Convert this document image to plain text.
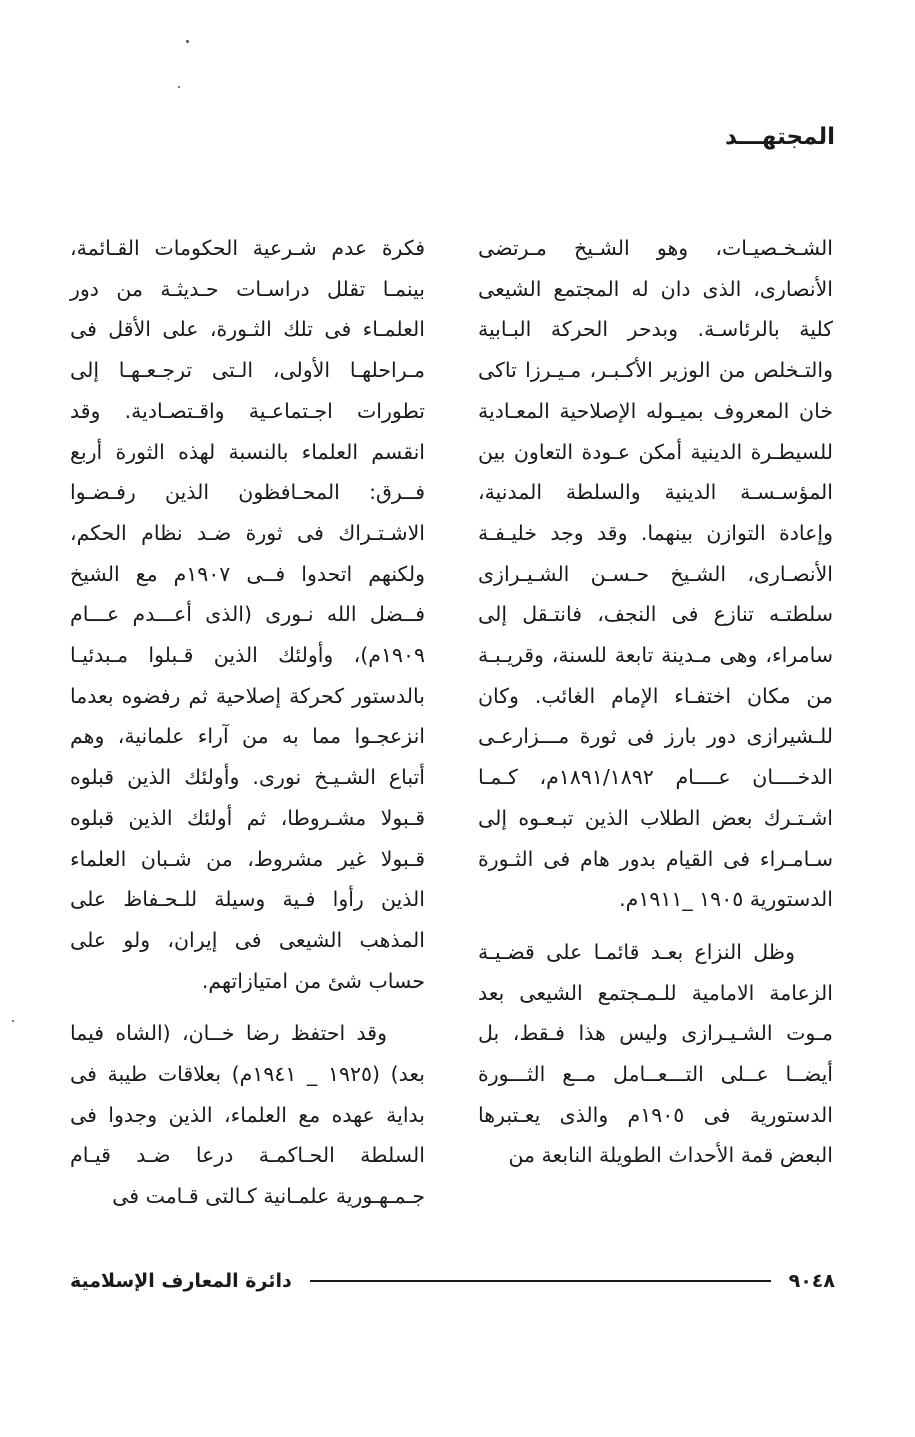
المجتهـــد

الشـخـصيـات، وهو الشـيخ مـرتضى الأنصارى، الذى دان له المجتمع الشيعى كلية بالرئاسـة. وبدحر الحركة البـابية والتـخلص من الوزير الأكـبـر، مـيـرزا تاكى خان المعروف بميـوله الإصلاحية المعـادية للسيطـرة الدينية أمكن عـودة التعاون بين المؤسـسـة الدينية والسلطة المدنية، وإعادة التوازن بينهما. وقد وجد خليـفـة الأنصـارى، الشـيخ حـسـن الشـيـرازى سلطتـه تنازع فى النجف، فانتـقل إلى سامراء، وهى مـدينة تابعة للسنة، وقريـبـة من مكان اختفـاء الإمام الغائب. وكان للـشيرازى دور بارز فى ثورة مـــزارعـى الدخــــان عــــام ١٨٩١/١٨٩٢م، كـمـا اشـتـرك بعض الطلاب الذين تبـعـوه إلى سـامـراء فى القيام بدور هام فى الثـورة الدستورية ١٩٠٥ _١٩١١م.

وظل النزاع بعـد قائمـا على قضـيـة الزعامة الامامية للـمـجتمع الشيعى بعد مـوت الشـيـرازى وليس هذا فـقط، بل أيضــا عــلى التـــعــامل مــع الثـــورة الدستورية فى ١٩٠٥م والذى يعـتبرها البعض قمة الأحداث الطويلة النابعة من

فكرة عدم شـرعية الحكومات القـائمة، بينمـا تقلل دراسـات حـديثـة من دور العلمـاء فى تلك الثـورة، على الأقل فى مـراحلهـا الأولى، الـتى ترجـعـهـا إلى تطورات اجـتماعـية واقـتصـادية. وقد انقسم العلماء بالنسبة لهذه الثورة أربع فــرق: المحـافظون الذين رفـضـوا الاشـتـراك فى ثورة ضـد نظام الحكم، ولكنهم اتحدوا فــى ١٩٠٧م مع الشيخ فــضل الله نـورى (الذى أعـــدم عـــام ١٩٠٩م)، وأولئك الذين قـبلوا مـبدئيـا بالدستور كحركة إصلاحية ثم رفضوه بعدما انزعجـوا مما به من آراء علمانية، وهم أتباع الشـيـخ نورى. وأولئك الذين قبلوه قـبولا مشـروطا، ثم أولئك الذين قبلوه قـبولا غير مشروط، من شـبان العلماء الذين رأوا فـية وسيلة للـحـفاظ على المذهب الشيعى فى إيران، ولو على حساب شئ من امتيازاتهم.

وقد احتفظ رضا خــان، (الشاه فيما بعد) (١٩٢٥ _ ١٩٤١م) بعلاقات طيبة فى بداية عهده مع العلماء، الذين وجدوا فى السلطة الحـاكمـة درعا ضـد قيـام جـمـهـورية علمـانية كـالتى قـامت فى

٩٠٤٨
دائرة المعارف الإسلامية
